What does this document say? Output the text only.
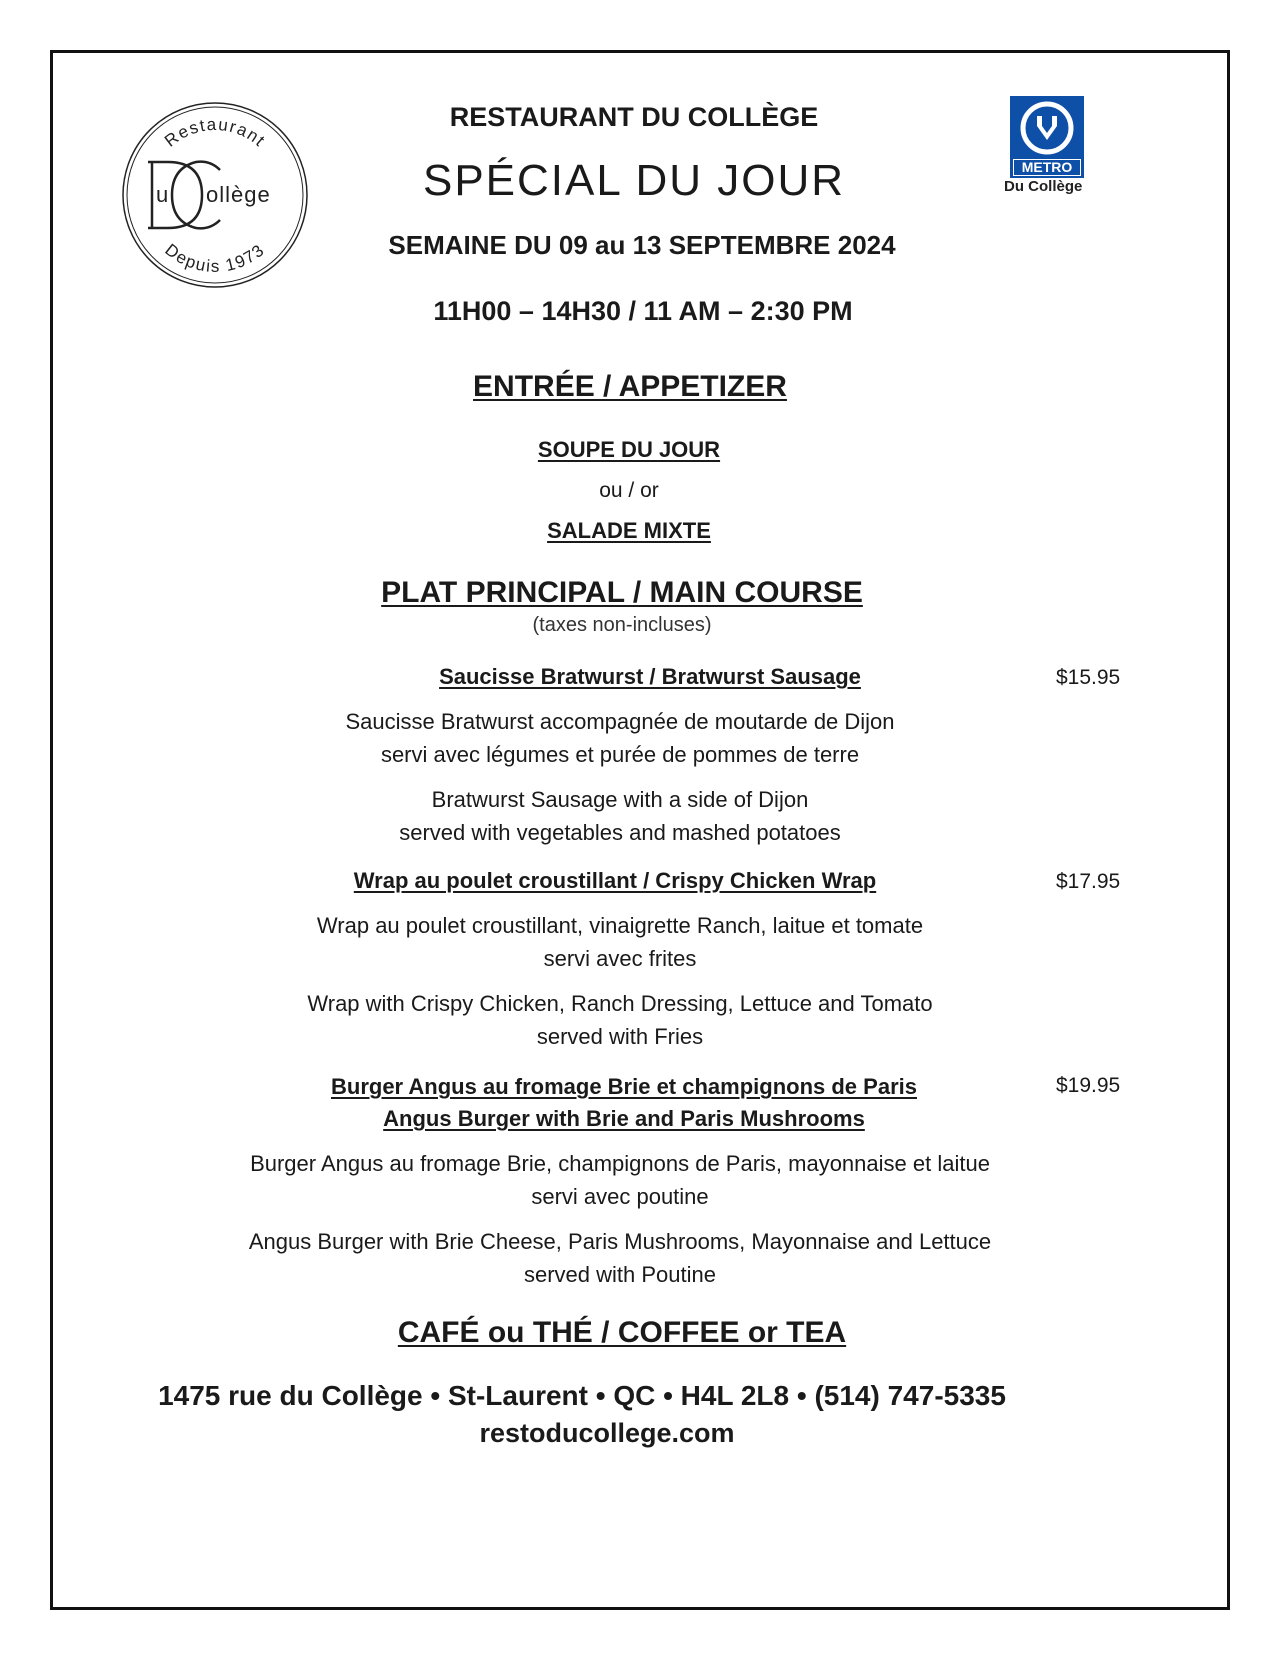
Restaurant
Depuis 1973
u ollège
METRO
Du Collège
RESTAURANT DU COLLÈGE
SPÉCIAL DU JOUR
SEMAINE DU 09 au 13 SEPTEMBRE 2024
11H00 – 14H30 / 11 AM – 2:30 PM
ENTRÉE / APPETIZER
SOUPE DU JOUR
ou / or
SALADE MIXTE
PLAT PRINCIPAL / MAIN COURSE
(taxes non-incluses)
Saucisse Bratwurst / Bratwurst Sausage	$15.95
Saucisse Bratwurst accompagnée de moutarde de Dijon
servi avec légumes et purée de pommes de terre
Bratwurst Sausage with a side of Dijon
served with vegetables and mashed potatoes
Wrap au poulet croustillant / Crispy Chicken Wrap	$17.95
Wrap au poulet croustillant, vinaigrette Ranch, laitue et tomate
servi avec frites
Wrap with Crispy Chicken, Ranch Dressing, Lettuce and Tomato
served with Fries
Burger Angus au fromage Brie et champignons de Paris
Angus Burger with Brie and Paris Mushrooms
$19.95
Burger Angus au fromage Brie, champignons de Paris, mayonnaise et laitue
servi avec poutine
Angus Burger with Brie Cheese, Paris Mushrooms, Mayonnaise and Lettuce
served with Poutine
CAFÉ ou THÉ / COFFEE or TEA
1475 rue du Collège • St-Laurent • QC • H4L 2L8 • (514) 747-5335
restoducollege.com
